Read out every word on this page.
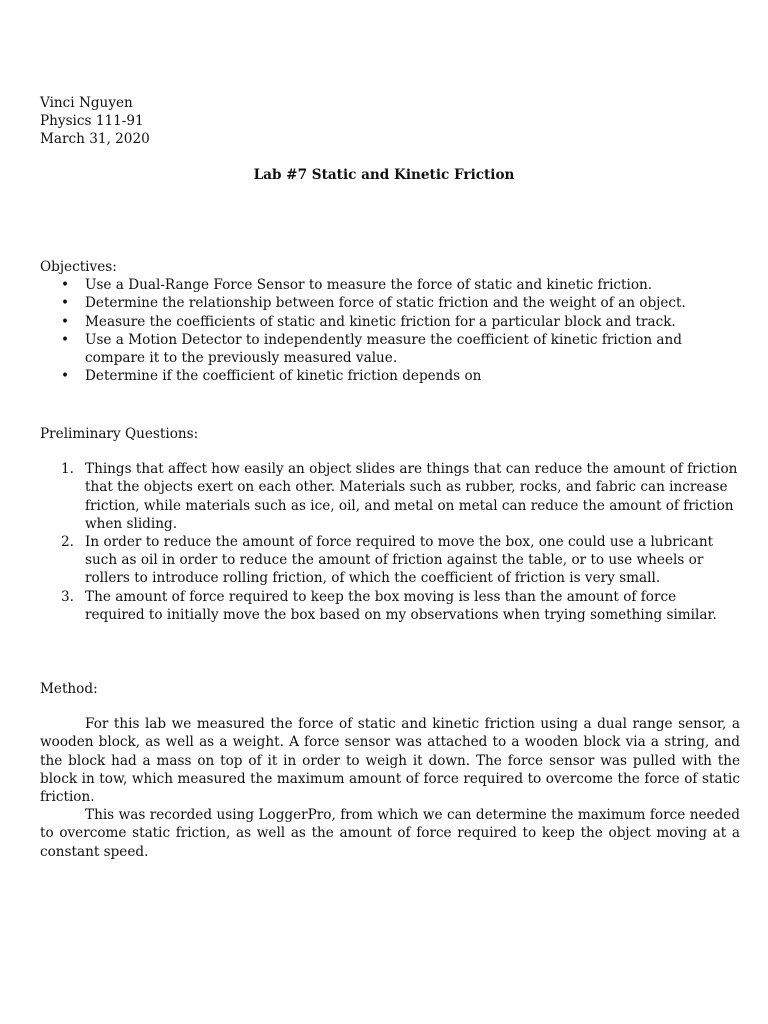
Vinci Nguyen
Physics 111-91
March 31, 2020
Lab #7 Static and Kinetic Friction
Objectives:
• Use a Dual-Range Force Sensor to measure the force of static and kinetic friction.
• Determine the relationship between force of static friction and the weight of an object.
• Measure the coefficients of static and kinetic friction for a particular block and track.
• Use a Motion Detector to independently measure the coefficient of kinetic friction and compare it to the previously measured value.
• Determine if the coefficient of kinetic friction depends on
Preliminary Questions:
1. Things that affect how easily an object slides are things that can reduce the amount of friction that the objects exert on each other. Materials such as rubber, rocks, and fabric can increase friction, while materials such as ice, oil, and metal on metal can reduce the amount of friction when sliding.
2. In order to reduce the amount of force required to move the box, one could use a lubricant such as oil in order to reduce the amount of friction against the table, or to use wheels or rollers to introduce rolling friction, of which the coefficient of friction is very small.
3. The amount of force required to keep the box moving is less than the amount of force required to initially move the box based on my observations when trying something similar.
Method:

For this lab we measured the force of static and kinetic friction using a dual range sensor, a wooden block, as well as a weight. A force sensor was attached to a wooden block via a string, and the block had a mass on top of it in order to weigh it down. The force sensor was pulled with the block in tow, which measured the maximum amount of force required to overcome the force of static friction.

This was recorded using LoggerPro, from which we can determine the maximum force needed to overcome static friction, as well as the amount of force required to keep the object moving at a constant speed.
